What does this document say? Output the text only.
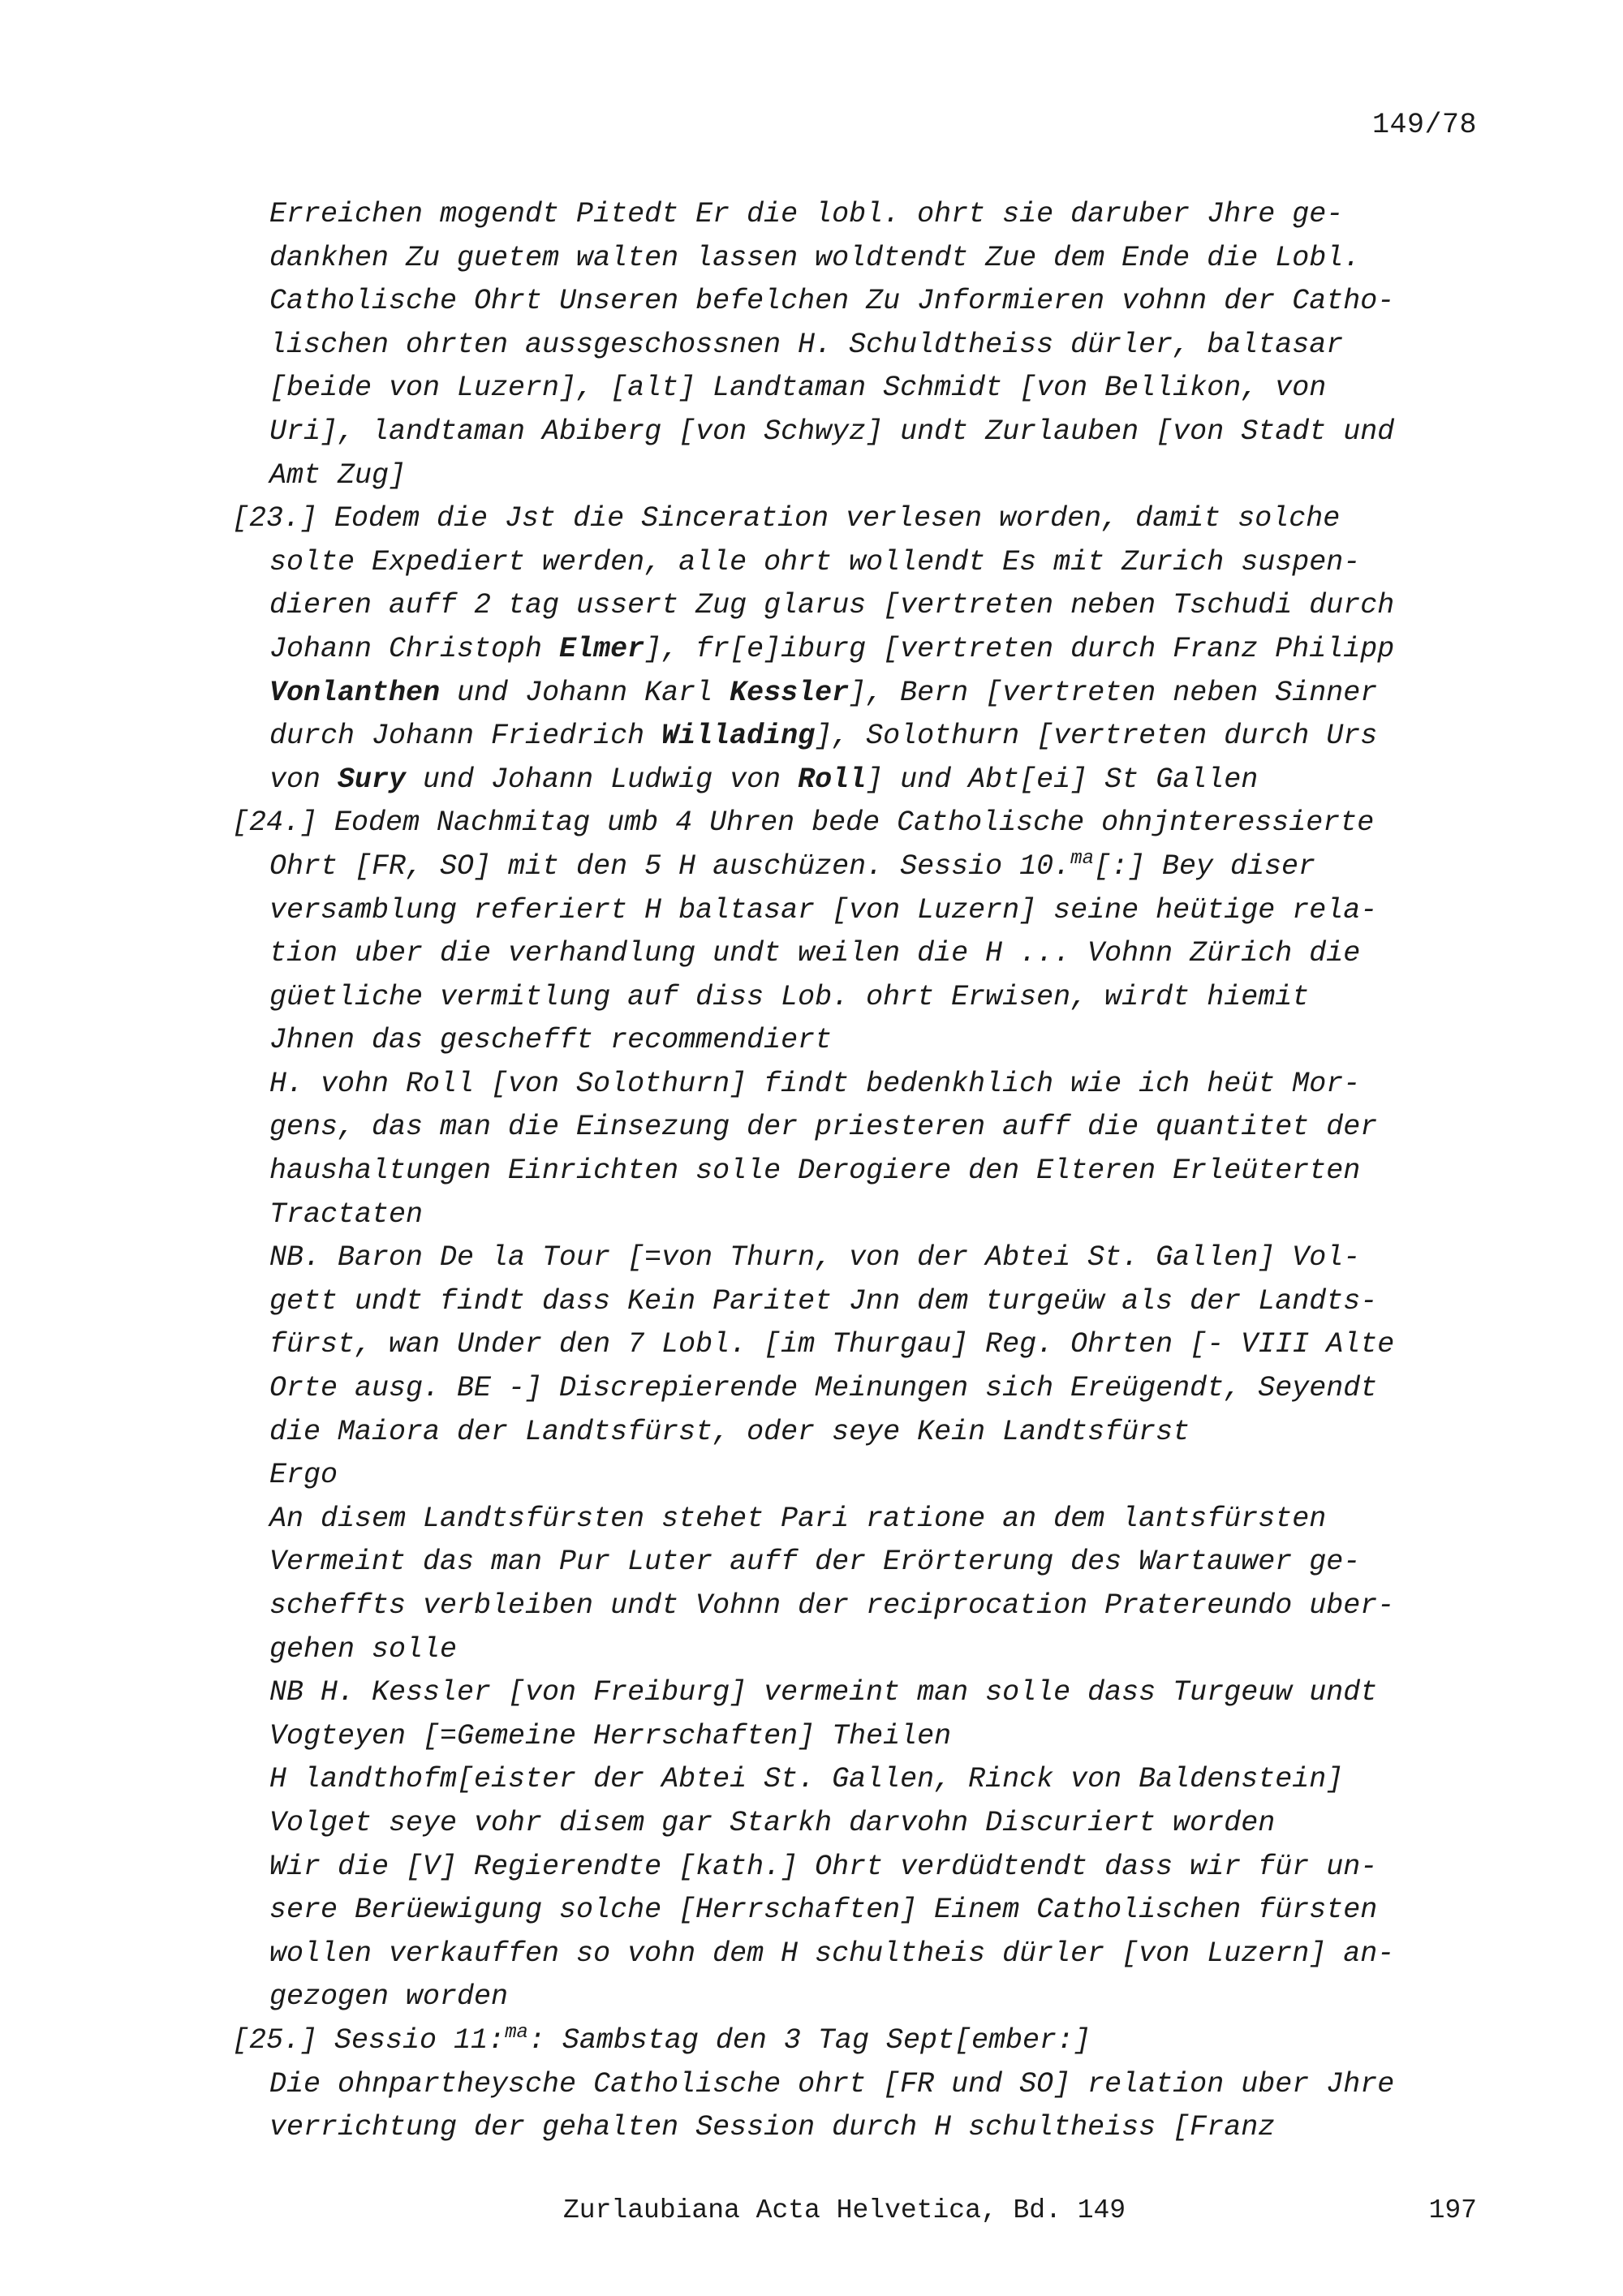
149/78
Erreichen mogendt Pitedt Er die lobl. ohrt sie daruber Jhre ge-
dankhen Zu guetem walten lassen woldtendt Zue dem Ende die Lobl.
Catholische Ohrt Unseren befelchen Zu Jnformieren vohnn der Catho-
lischen ohrten aussgeschossnen H. Schuldtheiss dürler, baltasar
[beide von Luzern], [alt] Landtaman Schmidt [von Bellikon, von
Uri], landtaman Abiberg [von Schwyz] undt Zurlauben [von Stadt und
Amt Zug]
[23.] Eodem die Jst die Sinceration verlesen worden, damit solche
solte Expediert werden, alle ohrt wollendt Es mit Zurich suspen-
dieren auff 2 tag ussert Zug glarus [vertreten neben Tschudi durch
Johann Christoph Elmer], fr[e]iburg [vertreten durch Franz Philipp
Vonlanthen und Johann Karl Kessler], Bern [vertreten neben Sinner
durch Johann Friedrich Willading], Solothurn [vertreten durch Urs
von Sury und Johann Ludwig von Roll] und Abt[ei] St Gallen
[24.] Eodem Nachmitag umb 4 Uhren bede Catholische ohnjnteressierte
Ohrt [FR, SO] mit den 5 H auschüzen. Sessio 10.$^{ma}$[:] Bey diser
versamblung referiert H baltasar [von Luzern] seine heütige rela-
tion uber die verhandlung undt weilen die H ... Vohnn Zürich die
güetliche vermitlung auf diss Lob. ohrt Erwisen, wirdt hiemit
Jhnen das geschefft recommendiert
H. vohn Roll [von Solothurn] findt bedenkhlich wie ich heüt Mor-
gens, das man die Einsezung der priesteren auff die quantitet der
haushaltungen Einrichten solle Derogiere den Elteren Erleüterten
Tractaten
NB. Baron De la Tour [=von Thurn, von der Abtei St. Gallen] Vol-
gett undt findt dass Kein Paritet Jnn dem turgeüw als der Landts-
fürst, wan Under den 7 Lobl. [im Thurgau] Reg. Ohrten [- VIII Alte
Orte ausg. BE -] Discrepierende Meinungen sich Ereügendt, Seyendt
die Maiora der Landtsfürst, oder seye Kein Landtsfürst
Ergo
An disem Landtsfürsten stehet Pari ratione an dem lantsfürsten
Vermeint das man Pur Luter auff der Erörterung des Wartauwer ge-
scheffts verbleiben undt Vohnn der reciprocation Pratereundo uber-
gehen solle
NB H. Kessler [von Freiburg] vermeint man solle dass Turgeuw undt
Vogteyen [=Gemeine Herrschaften] Theilen
H landthofm[eister der Abtei St. Gallen, Rinck von Baldenstein]
Volget seye vohr disem gar Starkh darvohn Discuriert worden
Wir die [V] Regierendte [kath.] Ohrt verdüdtendt dass wir für un-
sere Berüewigung solche [Herrschaften] Einem Catholischen fürsten
wollen verkauffen so vohn dem H schultheis dürler [von Luzern] an-
gezogen worden
[25.] Sessio 11:$^{ma}$: Sambstag den 3 Tag Sept[ember:]
Die ohnpartheysche Catholische ohrt [FR und SO] relation uber Jhre
verrichtung der gehalten Session durch H schultheiss [Franz
Zurlaubiana Acta Helvetica, Bd. 149	197
